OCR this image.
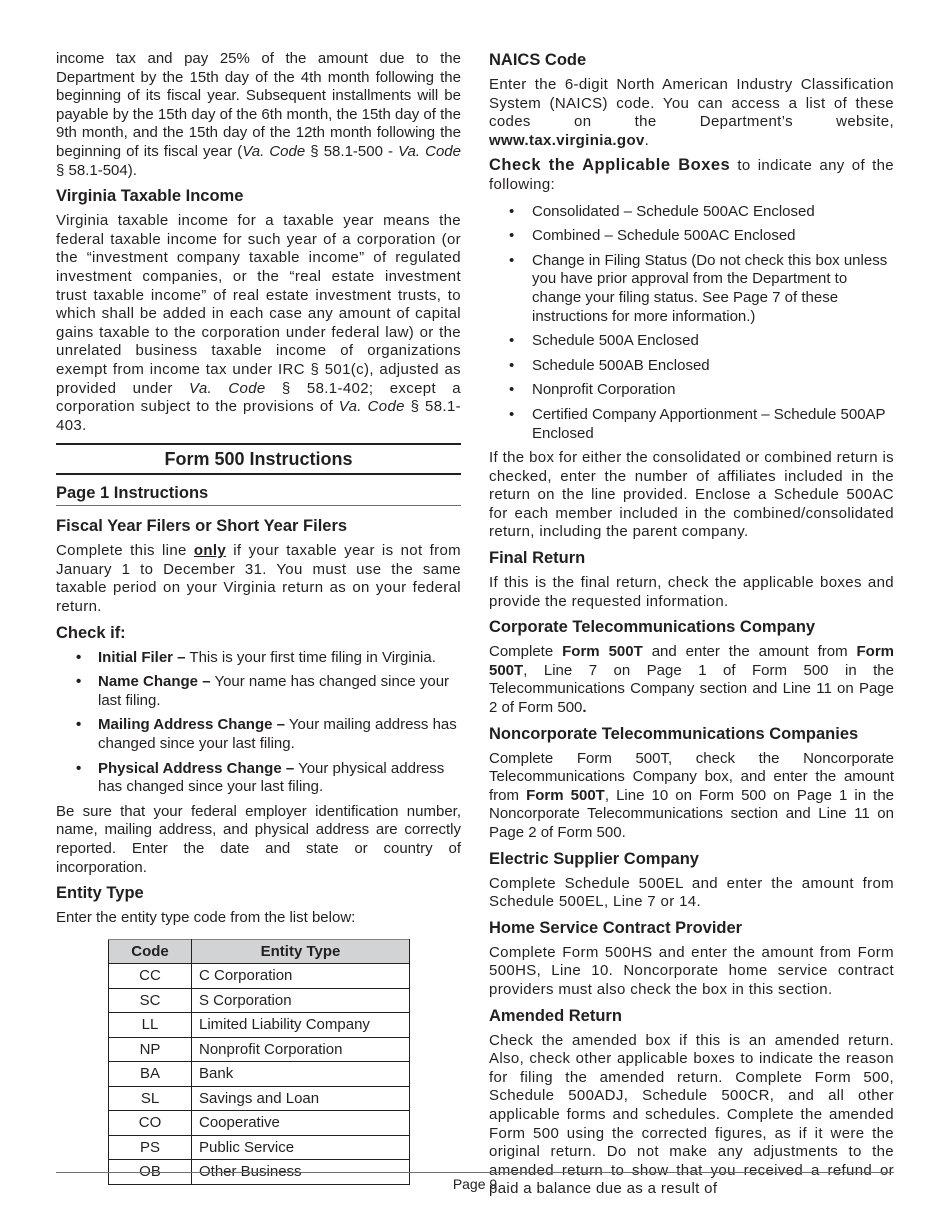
income tax and pay 25% of the amount due to the Department by the 15th day of the 4th month following the beginning of its fiscal year. Subsequent installments will be payable by the 15th day of the 6th month, the 15th day of the 9th month, and the 15th day of the 12th month following the beginning of its fiscal year (Va. Code § 58.1-500 - Va. Code § 58.1-504).

Virginia Taxable Income

Virginia taxable income for a taxable year means the federal taxable income for such year of a corporation (or the “investment company taxable income” of regulated investment companies, or the “real estate investment trust taxable income” of real estate investment trusts, to which shall be added in each case any amount of capital gains taxable to the corporation under federal law) or the unrelated business taxable income of organizations exempt from income tax under IRC § 501(c), adjusted as provided under Va. Code § 58.1-402; except a corporation subject to the provisions of Va. Code § 58.1-403.

Form 500 Instructions
Page 1 Instructions
Fiscal Year Filers or Short Year Filers

Complete this line only if your taxable year is not from January 1 to December 31. You must use the same taxable period on your Virginia return as on your federal return.

Check if:
• Initial Filer – This is your first time filing in Virginia.
• Name Change – Your name has changed since your last filing.
• Mailing Address Change – Your mailing address has changed since your last filing.
• Physical Address Change – Your physical address has changed since your last filing.

Be sure that your federal employer identification number, name, mailing address, and physical address are correctly reported. Enter the date and state or country of incorporation.

Entity Type

Enter the entity type code from the list below:

Code	Entity Type
CC	C Corporation
SC	S Corporation
LL	Limited Liability Company
NP	Nonprofit Corporation
BA	Bank
SL	Savings and Loan
CO	Cooperative
PS	Public Service
OB	Other Business
NAICS Code

Enter the 6-digit North American Industry Classification System (NAICS) code. You can access a list of these codes on the Department’s website, www.tax.virginia.gov.

Check the Applicable Boxes to indicate any of the following:

• Consolidated – Schedule 500AC Enclosed
• Combined – Schedule 500AC Enclosed
• Change in Filing Status (Do not check this box unless you have prior approval from the Department to change your filing status. See Page 7 of these instructions for more information.)
• Schedule 500A Enclosed
• Schedule 500AB Enclosed
• Nonprofit Corporation
• Certified Company Apportionment – Schedule 500AP Enclosed

If the box for either the consolidated or combined return is checked, enter the number of affiliates included in the return on the line provided. Enclose a Schedule 500AC for each member included in the combined/consolidated return, including the parent company.

Final Return

If this is the final return, check the applicable boxes and provide the requested information.

Corporate Telecommunications Company

Complete Form 500T and enter the amount from Form 500T, Line 7 on Page 1 of Form 500 in the Telecommunications Company section and Line 11 on Page 2 of Form 500.

Noncorporate Telecommunications Companies

Complete Form 500T, check the Noncorporate Telecommunications Company box, and enter the amount from Form 500T, Line 10 on Form 500 on Page 1 in the Noncorporate Telecommunications section and Line 11 on Page 2 of Form 500.

Electric Supplier Company

Complete Schedule 500EL and enter the amount from Schedule 500EL, Line 7 or 14.

Home Service Contract Provider

Complete Form 500HS and enter the amount from Form 500HS, Line 10. Noncorporate home service contract providers must also check the box in this section.

Amended Return

Check the amended box if this is an amended return. Also, check other applicable boxes to indicate the reason for filing the amended return. Complete Form 500, Schedule 500ADJ, Schedule 500CR, and all other applicable forms and schedules. Complete the amended Form 500 using the corrected figures, as if it were the original return. Do not make any adjustments to the amended return to show that you received a refund or paid a balance due as a result of

Page 9
